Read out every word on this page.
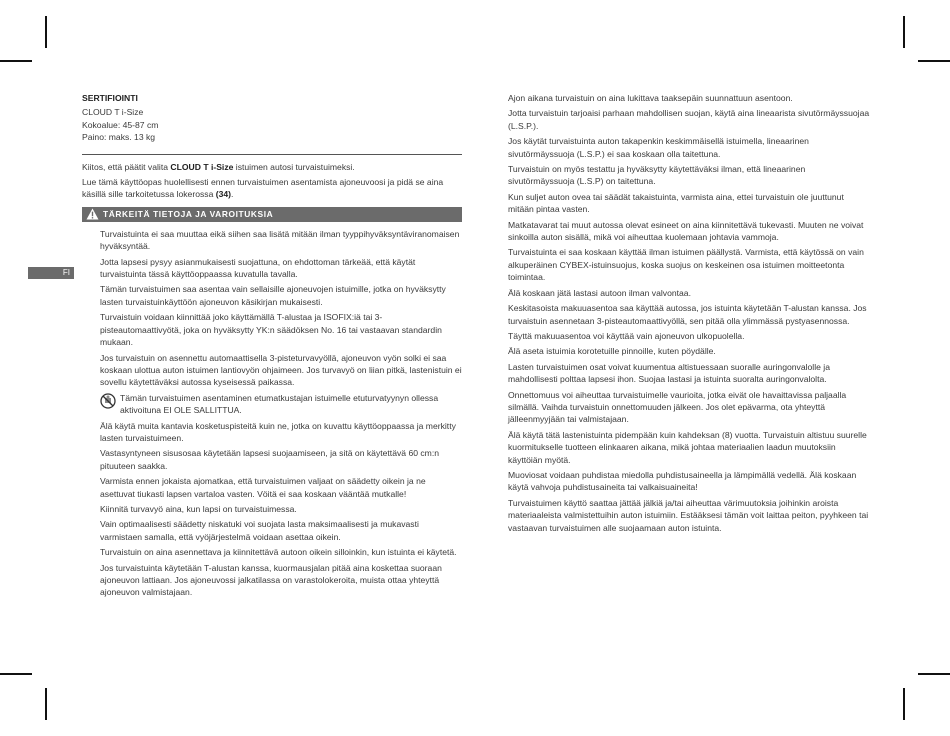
FI
SERTIFIOINTI
CLOUD T i-Size
Kokoalue: 45-87 cm
Paino: maks. 13 kg

Kiitos, että päätit valita CLOUD T i-Size istuimen autosi turvaistuimeksi.

Lue tämä käyttöopas huolellisesti ennen turvaistuimen asentamista ajoneuvoosi ja pidä se aina käsillä sille tarkoitetussa lokerossa (34).

TÄRKEITÄ TIETOJA JA VAROITUKSIA

Turvaistuinta ei saa muuttaa eikä siihen saa lisätä mitään ilman tyyppihyväksyntäviranomaisen hyväksyntää.

Jotta lapsesi pysyy asianmukaisesti suojattuna, on ehdottoman tärkeää, että käytät turvaistuinta tässä käyttöoppaassa kuvatulla tavalla.

Tämän turvaistuimen saa asentaa vain sellaisille ajoneuvojen istuimille, jotka on hyväksytty lasten turvaistuinkäyttöön ajoneuvon käsikirjan mukaisesti.

Turvaistuin voidaan kiinnittää joko käyttämällä T-alustaa ja ISOFIX:iä tai 3-pisteautomaattivyötä, joka on hyväksytty YK:n säädöksen No. 16 tai vastaavan standardin mukaan.

Jos turvaistuin on asennettu automaattisella 3-pisteturvavyöllä, ajoneuvon vyön solki ei saa koskaan ulottua auton istuimen lantiovyön ohjaimeen. Jos turvavyö on liian pitkä, lastenistuin ei sovellu käytettäväksi autossa kyseisessä paikassa.

Tämän turvaistuimen asentaminen etumatkustajan istuimelle etuturvatyynyn ollessa aktivoituna EI OLE SALLITTUA.

Älä käytä muita kantavia kosketuspisteitä kuin ne, jotka on kuvattu käyttöoppaassa ja merkitty lasten turvaistuimeen.

Vastasyntyneen sisusosaa käytetään lapsesi suojaamiseen, ja sitä on käytettävä 60 cm:n pituuteen saakka.

Varmista ennen jokaista ajomatkaa, että turvaistuimen valjaat on säädetty oikein ja ne asettuvat tiukasti lapsen vartaloa vasten. Vöitä ei saa koskaan vääntää mutkalle!

Kiinnitä turvavyö aina, kun lapsi on turvaistuimessa.

Vain optimaalisesti säädetty niskatuki voi suojata lasta maksimaalisesti ja mukavasti varmistaen samalla, että vyöjärjestelmä voidaan asettaa oikein.

Turvaistuin on aina asennettava ja kiinnitettävä autoon oikein silloinkin, kun istuinta ei käytetä.

Jos turvaistuinta käytetään T-alustan kanssa, kuormausjalan pitää aina koskettaa suoraan ajoneuvon lattiaan. Jos ajoneuvossi jalkatilassa on varastolokeroita, muista ottaa yhteyttä ajoneuvon valmistajaan.

Ajon aikana turvaistuin on aina lukittava taaksepäin suunnattuun asentoon.

Jotta turvaistuin tarjoaisi parhaan mahdollisen suojan, käytä aina lineaarista sivutörmäyssuojaa (L.S.P.).

Jos käytät turvaistuinta auton takapenkin keskimmäisellä istuimella, lineaarinen sivutörmäyssuoja (L.S.P.) ei saa koskaan olla taitettuna.

Turvaistuin on myös testattu ja hyväksytty käytettäväksi ilman, että lineaarinen sivutörmäyssuoja (L.S.P) on taitettuna.

Kun suljet auton ovea tai säädät takaistuinta, varmista aina, ettei turvaistuin ole juuttunut mitään pintaa vasten.

Matkatavarat tai muut autossa olevat esineet on aina kiinnitettävä tukevasti. Muuten ne voivat sinkoilla auton sisällä, mikä voi aiheuttaa kuolemaan johtavia vammoja.

Turvaistuinta ei saa koskaan käyttää ilman istuimen päällystä. Varmista, että käytössä on vain alkuperäinen CYBEX-istuinsuojus, koska suojus on keskeinen osa istuimen moitteetonta toimintaa.

Älä koskaan jätä lastasi autoon ilman valvontaa.

Keskitasoista makuuasentoa saa käyttää autossa, jos istuinta käytetään T-alustan kanssa. Jos turvaistuin asennetaan 3-pisteautomaattivyöllä, sen pitää olla ylimmässä pystyasennossa.

Täyttä makuuasentoa voi käyttää vain ajoneuvon ulkopuolella.

Älä aseta istuimia korotetuille pinnoille, kuten pöydälle.

Lasten turvaistuimen osat voivat kuumentua altistuessaan suoralle auringonvalolle ja mahdollisesti polttaa lapsesi ihon. Suojaa lastasi ja istuinta suoralta auringonvalolta.

Onnettomuus voi aiheuttaa turvaistuimelle vaurioita, jotka eivät ole havaittavissa paljaalla silmällä. Vaihda turvaistuin onnettomuuden jälkeen. Jos olet epävarma, ota yhteyttä jälleenmyyjään tai valmistajaan.

Älä käytä tätä lastenistuinta pidempään kuin kahdeksan (8) vuotta. Turvaistuin altistuu suurelle kuormitukselle tuotteen elinkaaren aikana, mikä johtaa materiaalien laadun muutoksiin käyttöiän myötä.

Muoviosat voidaan puhdistaa miedolla puhdistusaineella ja lämpimällä vedellä. Älä koskaan käytä vahvoja puhdistusaineita tai valkaisuaineita!

Turvaistuimen käyttö saattaa jättää jälkiä ja/tai aiheuttaa värimuutoksia joihinkin aroista materiaaleista valmistettuihin auton istuimiin. Estääksesi tämän voit laittaa peiton, pyyhkeen tai vastaavan turvaistuimen alle suojaamaan auton istuinta.
